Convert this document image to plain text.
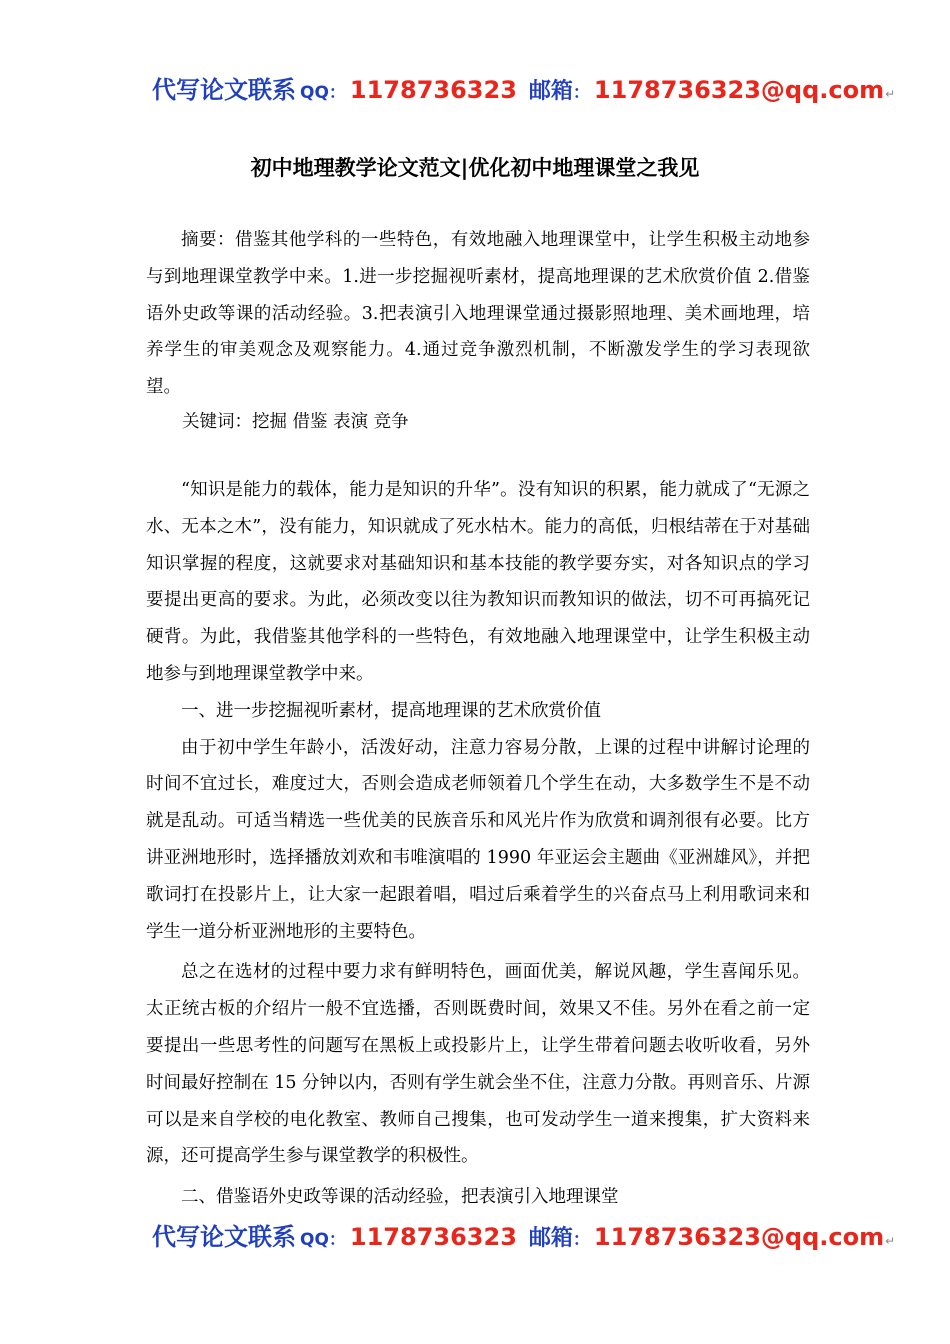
代写论文联系 QQ： 1178736323 邮箱： 1178736323@qq.com↵
初中地理教学论文范文|优化初中地理课堂之我见

摘要：借鉴其他学科的一些特色，有效地融入地理课堂中，让学生积极主动地参与到地理课堂教学中来。1.进一步挖掘视听素材，提高地理课的艺术欣赏价值 2.借鉴语外史政等课的活动经验。3.把表演引入地理课堂通过摄影照地理、美术画地理，培养学生的审美观念及观察能力。4.通过竞争激烈机制，不断激发学生的学习表现欲望。

关键词：挖掘 借鉴 表演 竞争

“知识是能力的载体，能力是知识的升华”。没有知识的积累，能力就成了“无源之水、无本之木”，没有能力，知识就成了死水枯木。能力的高低，归根结蒂在于对基础知识掌握的程度，这就要求对基础知识和基本技能的教学要夯实，对各知识点的学习要提出更高的要求。为此，必须改变以往为教知识而教知识的做法，切不可再搞死记硬背。为此，我借鉴其他学科的一些特色，有效地融入地理课堂中，让学生积极主动地参与到地理课堂教学中来。

一、进一步挖掘视听素材，提高地理课的艺术欣赏价值

由于初中学生年龄小，活泼好动，注意力容易分散，上课的过程中讲解讨论理的时间不宜过长，难度过大，否则会造成老师领着几个学生在动，大多数学生不是不动就是乱动。可适当精选一些优美的民族音乐和风光片作为欣赏和调剂很有必要。比方讲亚洲地形时，选择播放刘欢和韦唯演唱的 1990 年亚运会主题曲《亚洲雄风》，并把歌词打在投影片上，让大家一起跟着唱，唱过后乘着学生的兴奋点马上利用歌词来和学生一道分析亚洲地形的主要特色。

总之在选材的过程中要力求有鲜明特色，画面优美，解说风趣，学生喜闻乐见。太正统古板的介绍片一般不宜选播，否则既费时间，效果又不佳。另外在看之前一定要提出一些思考性的问题写在黑板上或投影片上，让学生带着问题去收听收看，另外时间最好控制在 15 分钟以内，否则有学生就会坐不住，注意力分散。再则音乐、片源可以是来自学校的电化教室、教师自己搜集，也可发动学生一道来搜集，扩大资料来源，还可提高学生参与课堂教学的积极性。

二、借鉴语外史政等课的活动经验，把表演引入地理课堂

代写论文联系 QQ： 1178736323 邮箱： 1178736323@qq.com↵
